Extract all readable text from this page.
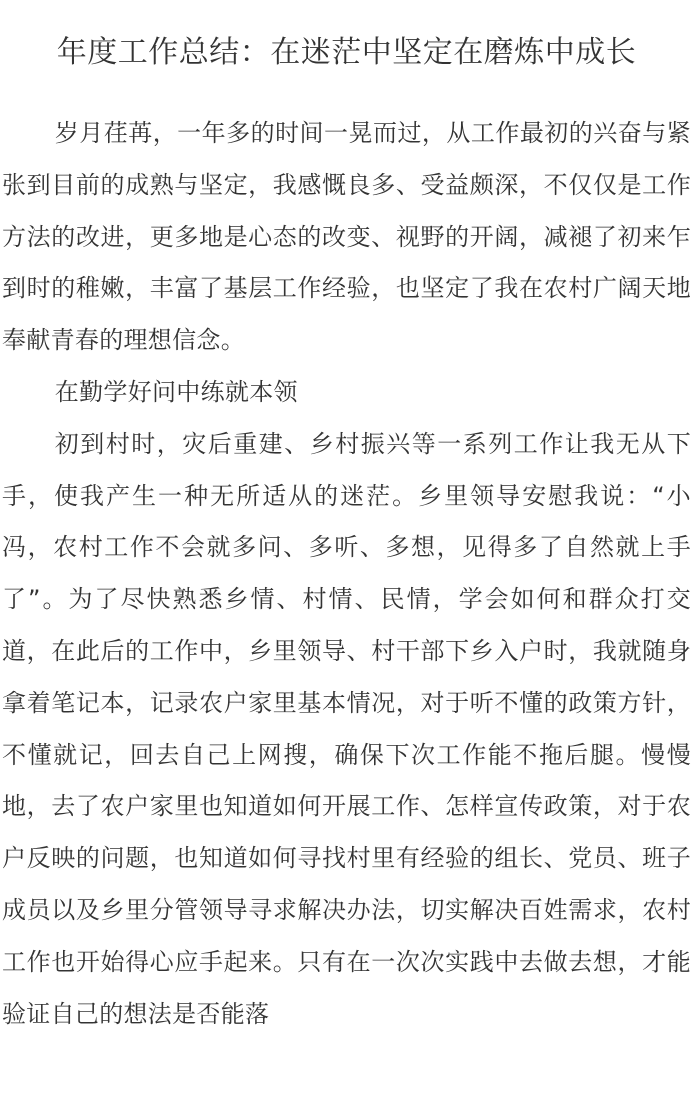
年度工作总结：在迷茫中坚定在磨炼中成长

岁月荏苒，一年多的时间一晃而过，从工作最初的兴奋与紧张到目前的成熟与坚定，我感慨良多、受益颇深，不仅仅是工作方法的改进，更多地是心态的改变、视野的开阔，减褪了初来乍到时的稚嫩，丰富了基层工作经验，也坚定了我在农村广阔天地奉献青春的理想信念。

在勤学好问中练就本领

初到村时，灾后重建、乡村振兴等一系列工作让我无从下手，使我产生一种无所适从的迷茫。乡里领导安慰我说：“小冯，农村工作不会就多问、多听、多想，见得多了自然就上手了”。为了尽快熟悉乡情、村情、民情，学会如何和群众打交道，在此后的工作中，乡里领导、村干部下乡入户时，我就随身拿着笔记本，记录农户家里基本情况，对于听不懂的政策方针，不懂就记，回去自己上网搜，确保下次工作能不拖后腿。慢慢地，去了农户家里也知道如何开展工作、怎样宣传政策，对于农户反映的问题，也知道如何寻找村里有经验的组长、党员、班子成员以及乡里分管领导寻求解决办法，切实解决百姓需求，农村工作也开始得心应手起来。只有在一次次实践中去做去想，才能验证自己的想法是否能落
